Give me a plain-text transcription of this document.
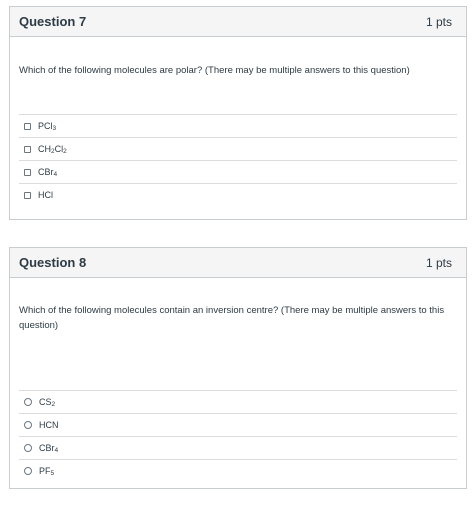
Question 7	1 pts
Which of the following molecules are polar? (There may be multiple answers to this question)
PCl$_3$
$CH_2Cl_2$
CBr$_4$
HCl
Question 8	1 pts
Which of the following molecules contain an inversion centre? (There may be multiple answers to this question)
$CS_2$
HCN
CBr$_4$
$PF_5$
